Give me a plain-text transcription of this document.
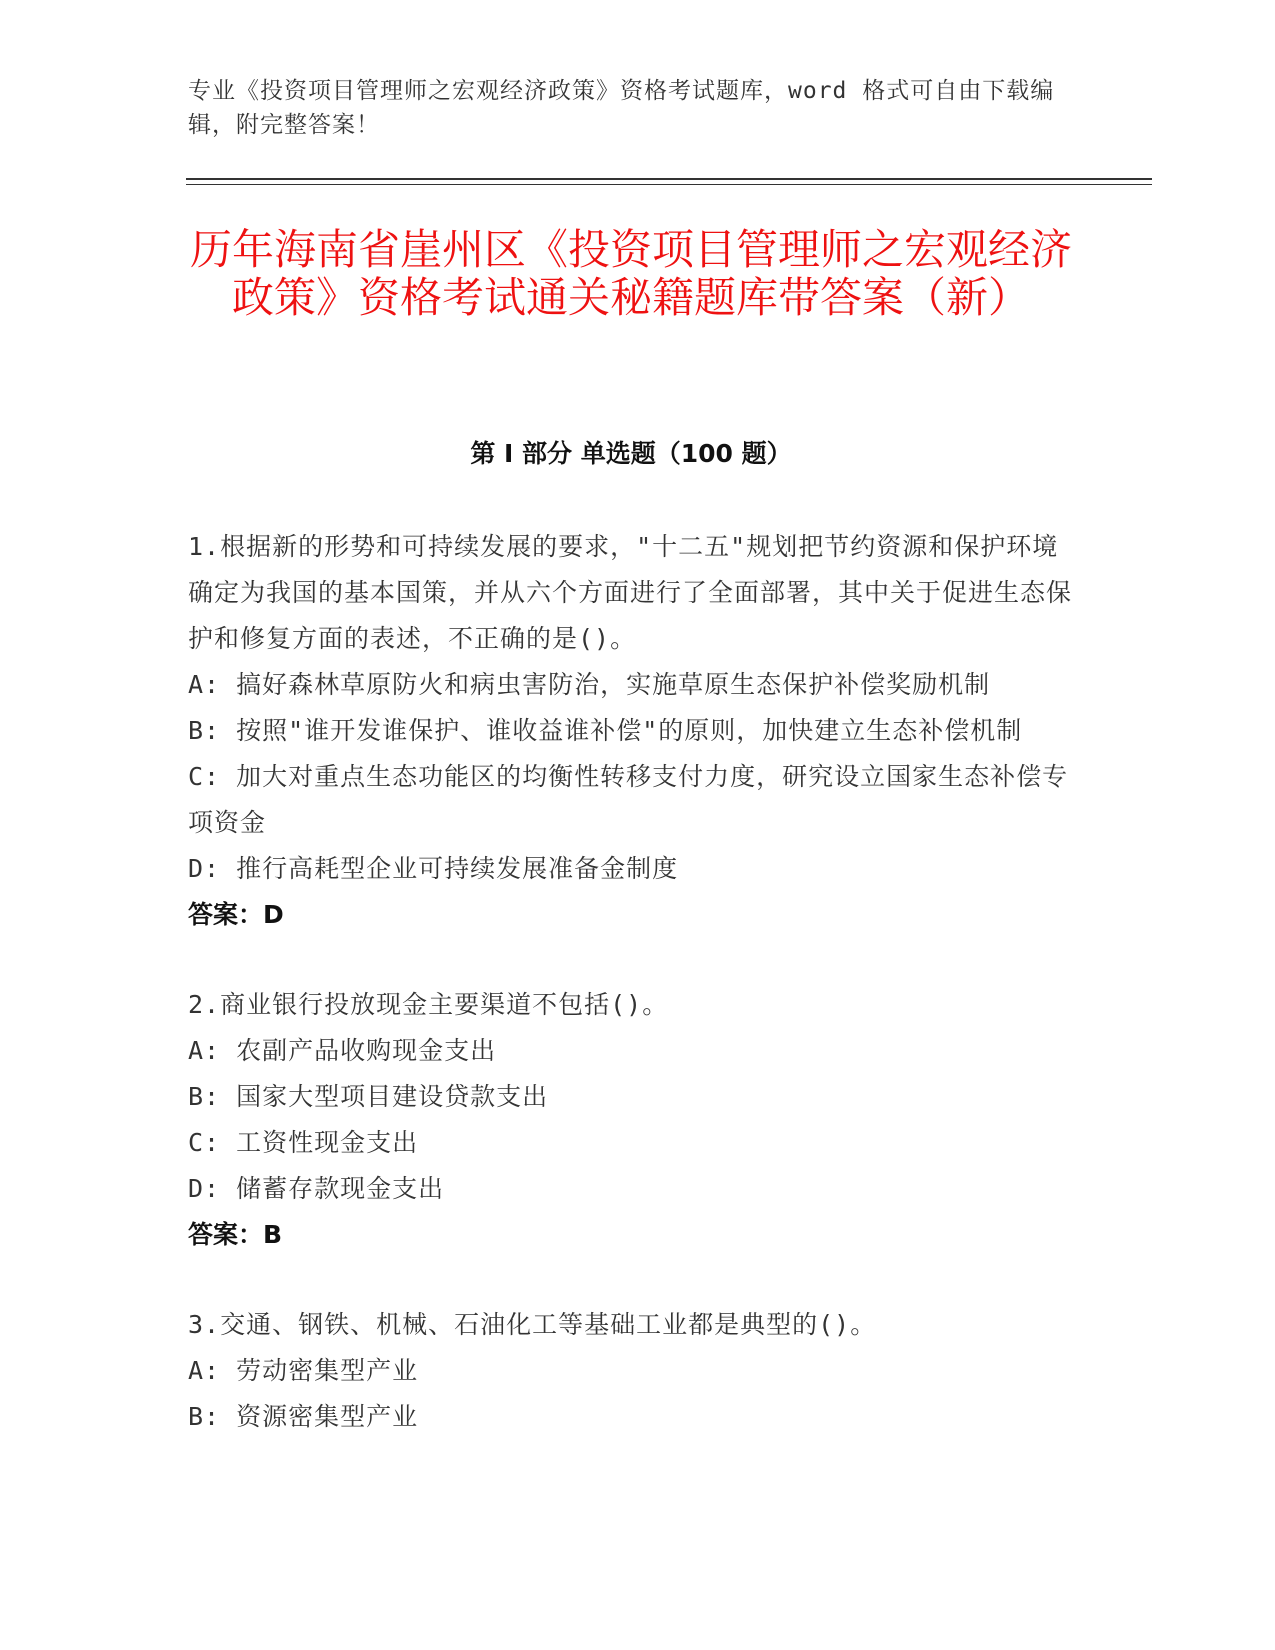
专业《投资项目管理师之宏观经济政策》资格考试题库，word 格式可自由下载编辑，附完整答案！
历年海南省崖州区《投资项目管理师之宏观经济政策》资格考试通关秘籍题库带答案（新）
第 I 部分 单选题（100 题）
1.根据新的形势和可持续发展的要求，"十二五"规划把节约资源和保护环境确定为我国的基本国策，并从六个方面进行了全面部署，其中关于促进生态保护和修复方面的表述，不正确的是()。
A: 搞好森林草原防火和病虫害防治，实施草原生态保护补偿奖励机制
B: 按照"谁开发谁保护、谁收益谁补偿"的原则，加快建立生态补偿机制
C: 加大对重点生态功能区的均衡性转移支付力度，研究设立国家生态补偿专项资金
D: 推行高耗型企业可持续发展准备金制度
答案：D
2.商业银行投放现金主要渠道不包括()。
A: 农副产品收购现金支出
B: 国家大型项目建设贷款支出
C: 工资性现金支出
D: 储蓄存款现金支出
答案：B
3.交通、钢铁、机械、石油化工等基础工业都是典型的()。
A: 劳动密集型产业
B: 资源密集型产业
